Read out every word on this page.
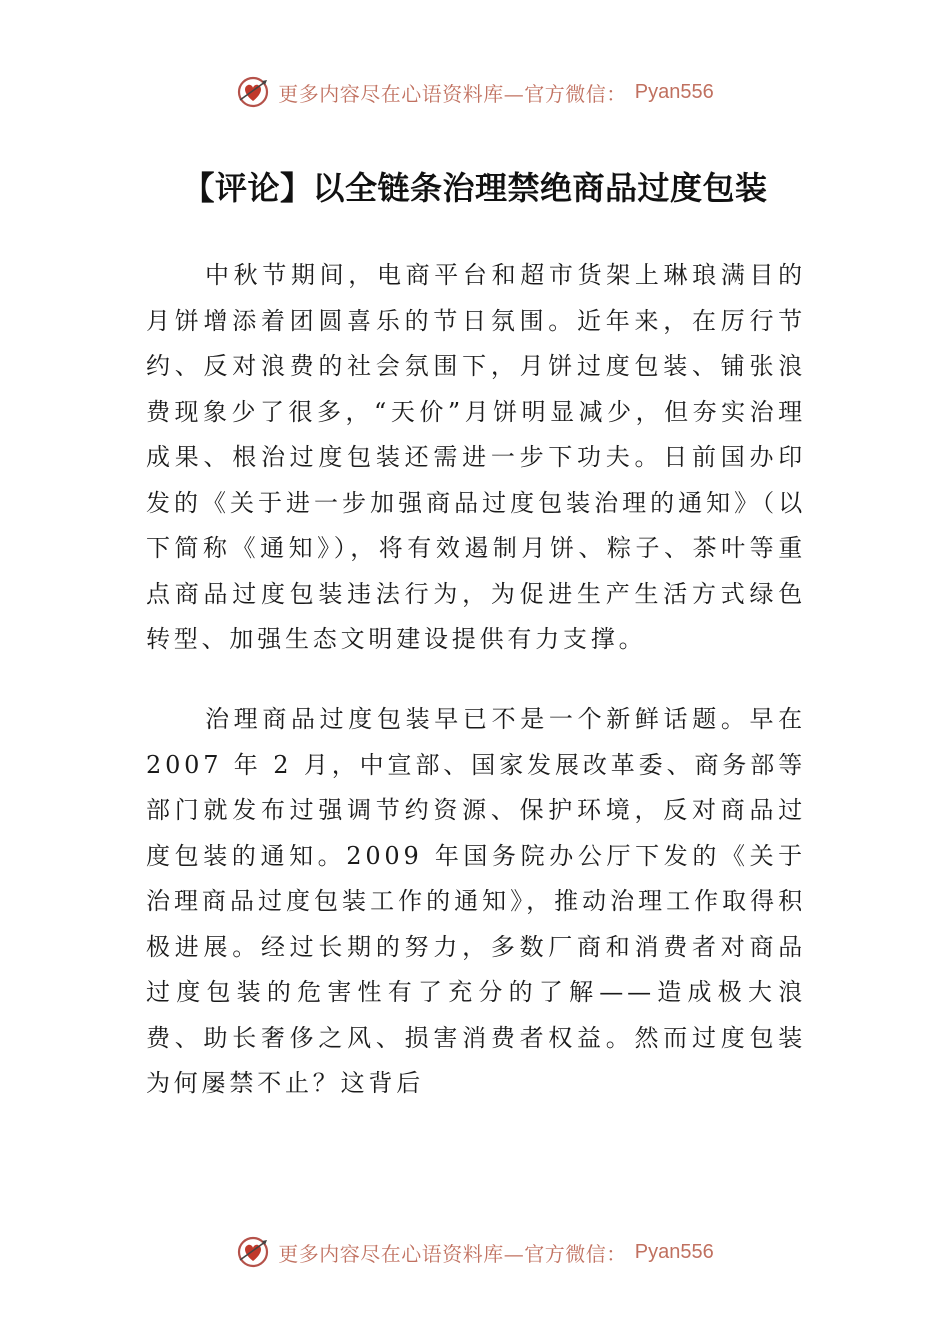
更多内容尽在心语资料库—官方微信： Pyan556
【评论】以全链条治理禁绝商品过度包装

中秋节期间，电商平台和超市货架上琳琅满目的月饼增添着团圆喜乐的节日氛围。近年来，在厉行节约、反对浪费的社会氛围下，月饼过度包装、铺张浪费现象少了很多，“天价”月饼明显减少，但夯实治理成果、根治过度包装还需进一步下功夫。日前国办印发的《关于进一步加强商品过度包装治理的通知》（以下简称《通知》），将有效遏制月饼、粽子、茶叶等重点商品过度包装违法行为，为促进生产生活方式绿色转型、加强生态文明建设提供有力支撑。

治理商品过度包装早已不是一个新鲜话题。早在2007 年 2 月，中宣部、国家发展改革委、商务部等部门就发布过强调节约资源、保护环境，反对商品过度包装的通知。2009 年国务院办公厅下发的《关于治理商品过度包装工作的通知》，推动治理工作取得积极进展。经过长期的努力，多数厂商和消费者对商品过度包装的危害性有了充分的了解——造成极大浪费、助长奢侈之风、损害消费者权益。然而过度包装为何屡禁不止？这背后

更多内容尽在心语资料库—官方微信： Pyan556
